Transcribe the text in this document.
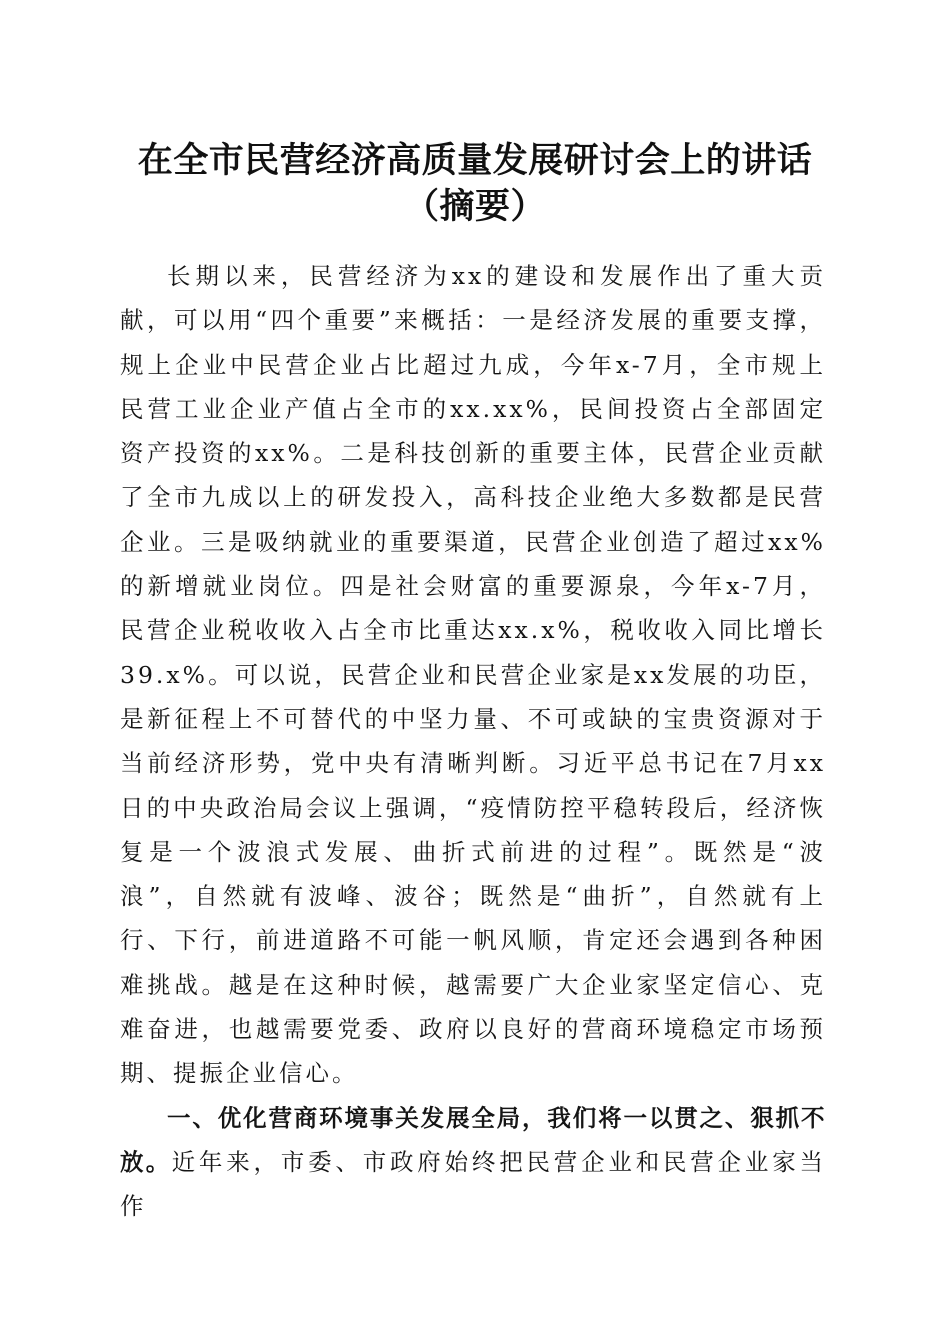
在全市民营经济高质量发展研讨会上的讲话
（摘要）

长期以来，民营经济为xx的建设和发展作出了重大贡献，可以用“四个重要”来概括：一是经济发展的重要支撑，规上企业中民营企业占比超过九成，今年x-7月，全市规上民营工业企业产值占全市的xx.xx%，民间投资占全部固定资产投资的xx%。二是科技创新的重要主体，民营企业贡献了全市九成以上的研发投入，高科技企业绝大多数都是民营企业。三是吸纳就业的重要渠道，民营企业创造了超过xx%的新增就业岗位。四是社会财富的重要源泉，今年x-7月，民营企业税收收入占全市比重达xx.x%，税收收入同比增长39.x%。可以说，民营企业和民营企业家是xx发展的功臣，是新征程上不可替代的中坚力量、不可或缺的宝贵资源对于当前经济形势，党中央有清晰判断。习近平总书记在7月xx日的中央政治局会议上强调，“疫情防控平稳转段后，经济恢复是一个波浪式发展、曲折式前进的过程”。既然是“波浪”，自然就有波峰、波谷；既然是“曲折”，自然就有上行、下行，前进道路不可能一帆风顺，肯定还会遇到各种困难挑战。越是在这种时候，越需要广大企业家坚定信心、克难奋进，也越需要党委、政府以良好的营商环境稳定市场预期、提振企业信心。

一、优化营商环境事关发展全局，我们将一以贯之、狠抓不放。近年来，市委、市政府始终把民营企业和民营企业家当作
